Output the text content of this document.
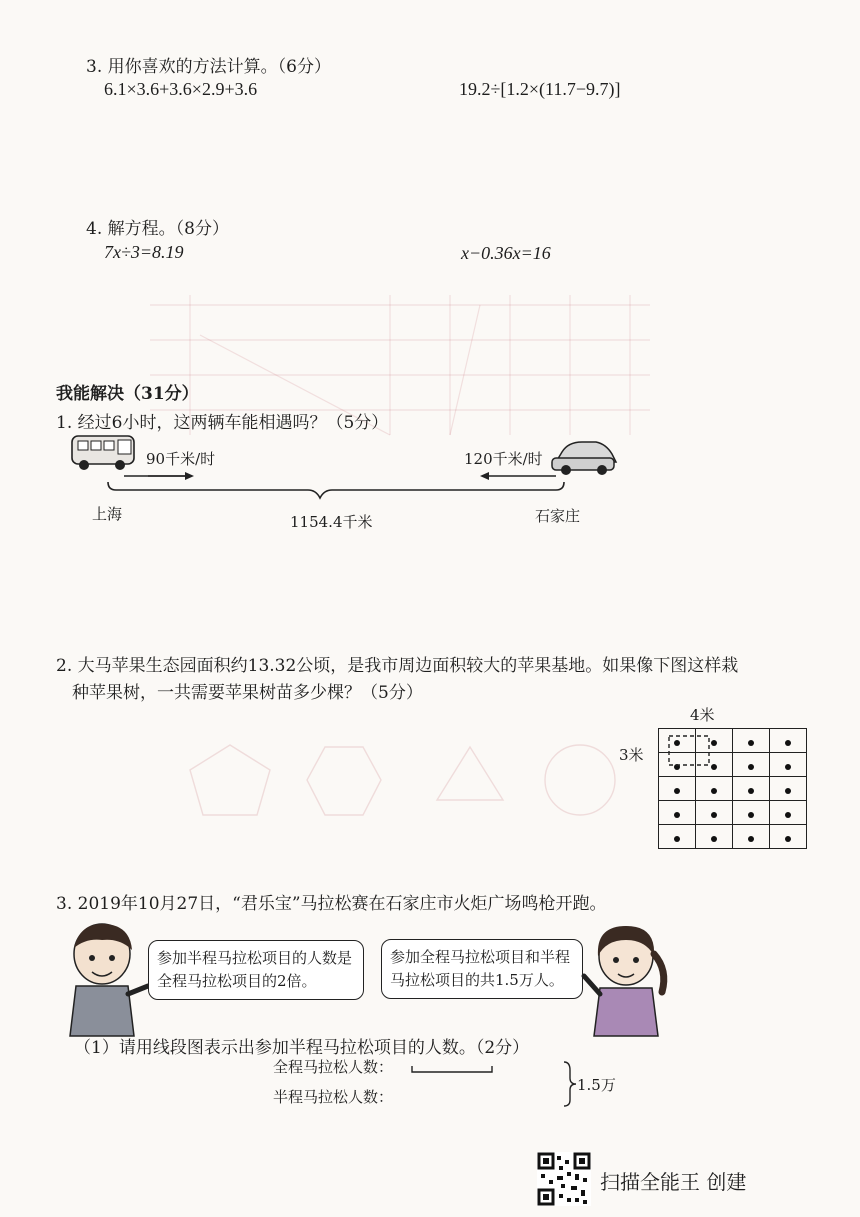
3. 用你喜欢的方法计算。（6分）
6.1×3.6+3.6×2.9+3.6	19.2÷[1.2×(11.7−9.7)]
4. 解方程。（8分）
7x÷3=8.19	x−0.36x=16
我能解决（31分）
1. 经过6小时，这两辆车能相遇吗？（5分）
90千米/时	120千米/时
上海	1154.4千米	石家庄
2. 大马苹果生态园面积约13.32公顷，是我市周边面积较大的苹果基地。如果像下图这样栽
种苹果树，一共需要苹果树苗多少棵？（5分）
4米
3米

3. 2019年10月27日，“君乐宝”马拉松赛在石家庄市火炬广场鸣枪开跑。
参加半程马拉松项目的人数是全程马拉松项目的2倍。
参加全程马拉松项目和半程马拉松项目的共1.5万人。
（1）请用线段图表示出参加半程马拉松项目的人数。（2分）
全程马拉松人数：
半程马拉松人数：
1.5万
扫描全能王 创建
